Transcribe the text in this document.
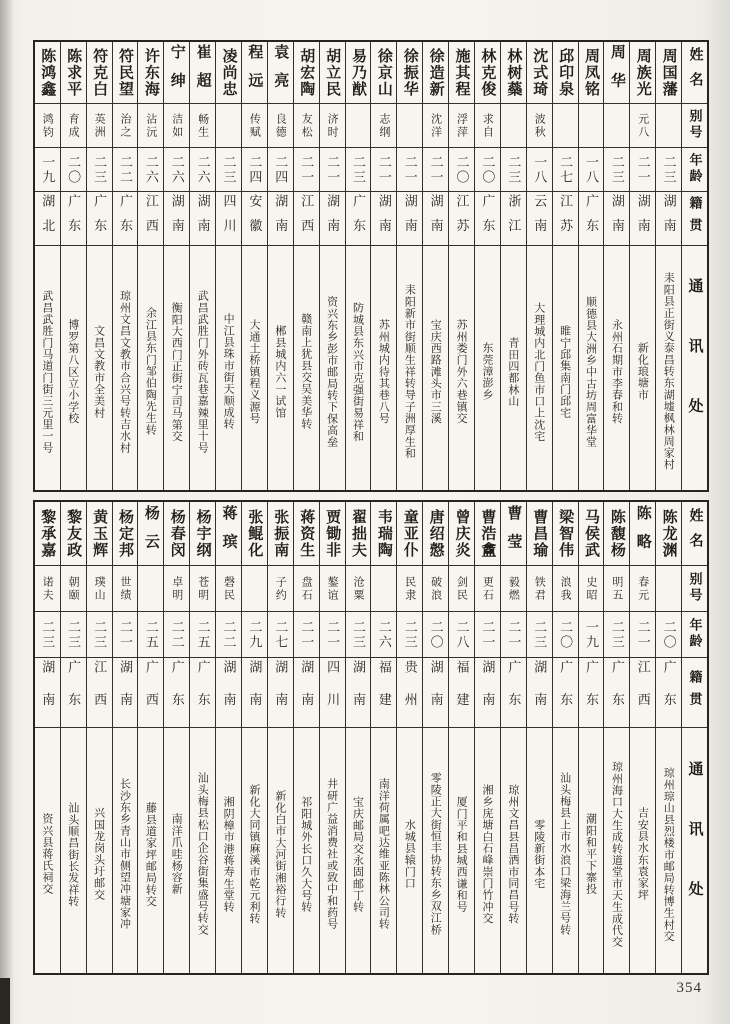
姓名
别号
年龄
籍贯
通讯处
周国藩
二三
湖南
耒阳县正街义泰昌转东湖墟枫林周家村
周族光
元八
二一
湖南
新化琅塘市
周华
二三
湖南
永州石期市李春和转
周凤铭
一八
广东
顺德县大洲乡中古坊周富华堂
邱印泉
二七
江苏
睢宁邱集南门邱宅
沈式琦
波秋
一八
云南
大理城内北门鱼市口上沈宅
林树蘂
二三
浙江
青田四都林山
林克俊
求自
二〇
广东
东莞漳澎乡
施其程
浮萍
二〇
江苏
苏州娄门外六巷镇交
徐造新
沈洋
二一
湖南
宝庆西路滩头市三溪
徐振华
二一
湖南
耒阳新市街顺生祥转导子洲厚生和
徐京山
志纲
二一
湖南
苏州城内待其巷八号
易乃猷
二三
广东
防城县东兴市克强街易祥和
胡立民
济时
二一
湖南
资兴东乡彭市邮局转下保高垒
胡宏陶
友松
二一
江西
赣南上犹县交吴美华转
袁亮
良德
二四
湖南
郴县城内六一试馆
程远
传赋
二四
安徽
大通土桥镇程义源号
凌尚忠
二三
四川
中江县珠市街天顺成转
崔超
畅生
二六
湖南
武昌武胜门外砖瓦巷嘉辣里十号
宁绅
洁如
二六
湖南
衡阳大西门正街宁司马第交
许东海
沾沅
二六
江西
余江县东门邹伯陶先生转
符民望
治之
二二
广东
琼州文昌文教市合兴号转吉水村
符克白
英洲
二三
广东
文昌文教市全美村
陈求平
育成
二〇
广东
博罗第八区立小学校
陈鸿鑫
鸿钧
一九
湖北
武昌武胜门马道门街三元里一号
姓名
别号
年龄
籍贯
通讯处
陈龙渊
二〇
广东
琼州琼山县烈楼市邮局转博生村交
陈略
春元
二一
江西
吉安县水东袁家坪
陈馥杨
明五
二三
广东
琼州海口大生成转道堂市天生成代交
马侯武
史昭
一九
广东
潮阳和平下寨投
梁智伟
浪我
二〇
广东
汕头梅县上市水浪口梁海兰号转
曹昌瑜
铁君
二三
湖南
零陵新街本宅
曹莹
毅燃
二一
广东
琼州文昌县昌洒市同昌号转
曹浩盫
更石
二一
湖南
湘乡庑塘白石峰崇门竹冲交
曾庆炎
剑民
二八
福建
厦门平和县城西谦和号
唐绍慤
破浪
二〇
湖南
零陵正大街恒丰协转东乡双江桥
童亚仆
民隶
二三
贵州
水城县辕门口
韦瑞陶
二六
福建
南洋荷属吧达维亚陈林公司转
翟拙夫
沧粟
二三
湖南
宝庆邮局交永固邮丁转
贾锄非
鏊谊
二一
四川
井研广益消费社或致中和药号
蒋资生
盘石
二一
湖南
祁阳城外长口久大号转
张振南
子约
二七
湖南
新化白市大河街湘裕行转
张鲲化
二九
湖南
新化大同镇麻溪市乾元利转
蒋瑸
磬民
二二
湖南
湘阴樟市港蒋寿生堂转
杨宇纲
苍明
二五
广东
汕头梅县松口企谷街集盛号转交
杨春闵
卓明
二二
广东
南洋爪哇杨容新
杨云
二五
广西
藤县道家坪邮局转交
杨定邦
世绩
二一
湖南
长沙东乡青山市侧望冲塘家冲
黄玉辉
璞山
二三
江西
兴国龙岗头圩邮交
黎友政
朝颐
二三
广东
汕头顺昌街长发祥转
黎承嘉
诺夫
二三
湖南
资兴县蒋氏祠交
354
